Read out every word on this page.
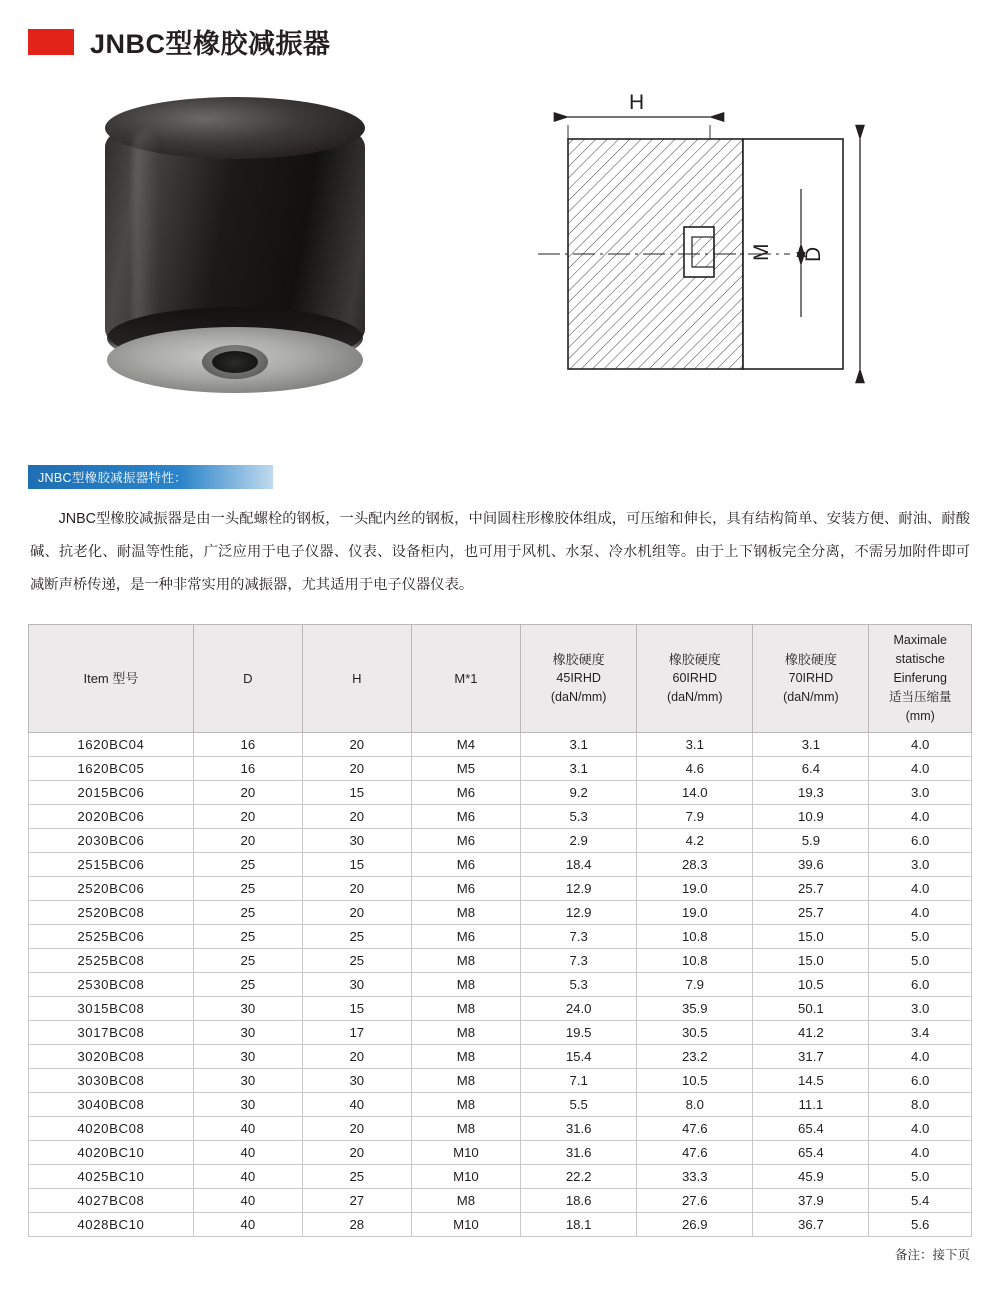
JNBC型橡胶减振器
H
D
M
JNBC型橡胶减振器特性：

JNBC型橡胶减振器是由一头配螺栓的钢板，一头配内丝的钢板，中间圆柱形橡胶体组成，可压缩和伸长，具有结构简单、安装方便、耐油、耐酸碱、抗老化、耐温等性能，广泛应用于电子仪器、仪表、设备柜内，也可用于风机、水泵、冷水机组等。由于上下钢板完全分离，不需另加附件即可减断声桥传递，是一种非常实用的减振器，尤其适用于电子仪器仪表。

Item 型号	D	H	M*1	橡胶硬度
45IRHD
(daN/mm)	橡胶硬度
60IRHD
(daN/mm)	橡胶硬度
70IRHD
(daN/mm)	Maximale
statische
Einferung
适当压缩量
(mm)

1620BC04	16	20	M4	3.1	3.1	3.1	4.0
1620BC05	16	20	M5	3.1	4.6	6.4	4.0
2015BC06	20	15	M6	9.2	14.0	19.3	3.0
2020BC06	20	20	M6	5.3	7.9	10.9	4.0
2030BC06	20	30	M6	2.9	4.2	5.9	6.0
2515BC06	25	15	M6	18.4	28.3	39.6	3.0
2520BC06	25	20	M6	12.9	19.0	25.7	4.0
2520BC08	25	20	M8	12.9	19.0	25.7	4.0
2525BC06	25	25	M6	7.3	10.8	15.0	5.0
2525BC08	25	25	M8	7.3	10.8	15.0	5.0
2530BC08	25	30	M8	5.3	7.9	10.5	6.0
3015BC08	30	15	M8	24.0	35.9	50.1	3.0
3017BC08	30	17	M8	19.5	30.5	41.2	3.4
3020BC08	30	20	M8	15.4	23.2	31.7	4.0
3030BC08	30	30	M8	7.1	10.5	14.5	6.0
3040BC08	30	40	M8	5.5	8.0	11.1	8.0
4020BC08	40	20	M8	31.6	47.6	65.4	4.0
4020BC10	40	20	M10	31.6	47.6	65.4	4.0
4025BC10	40	25	M10	22.2	33.3	45.9	5.0
4027BC08	40	27	M8	18.6	27.6	37.9	5.4
4028BC10	40	28	M10	18.1	26.9	36.7	5.6
备注：接下页
